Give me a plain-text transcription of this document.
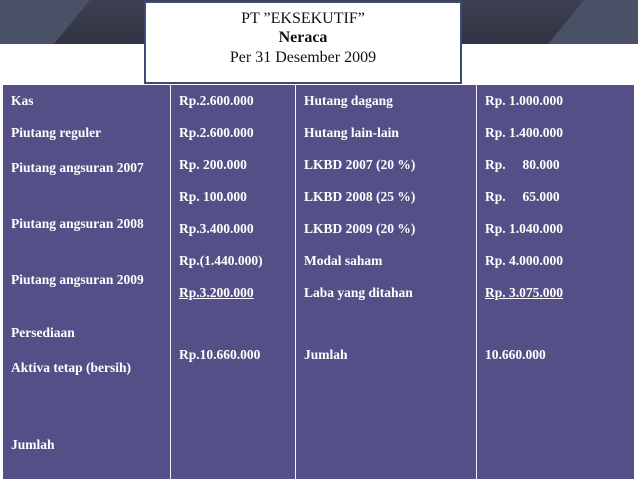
PT ”EKSEKUTIF”
Neraca
Per 31 Desember 2009
Kas
Piutang reguler
Piutang angsuran 2007
Piutang angsuran 2008
Piutang angsuran 2009
Persediaan
Aktiva tetap (bersih)
Jumlah
Rp.2.600.000
Rp.2.600.000
Rp. 200.000
Rp. 100.000
Rp.3.400.000
Rp.(1.440.000)
Rp.3.200.000
Rp.10.660.000
Hutang dagang
Hutang lain-lain
LKBD 2007 (20 %)
LKBD 2008 (25 %)
LKBD 2009 (20 %)
Modal saham
Laba yang ditahan
Jumlah
Rp. 1.000.000
Rp. 1.400.000
Rp.     80.000
Rp.     65.000
Rp. 1.040.000
Rp. 4.000.000
Rp. 3.075.000
10.660.000
